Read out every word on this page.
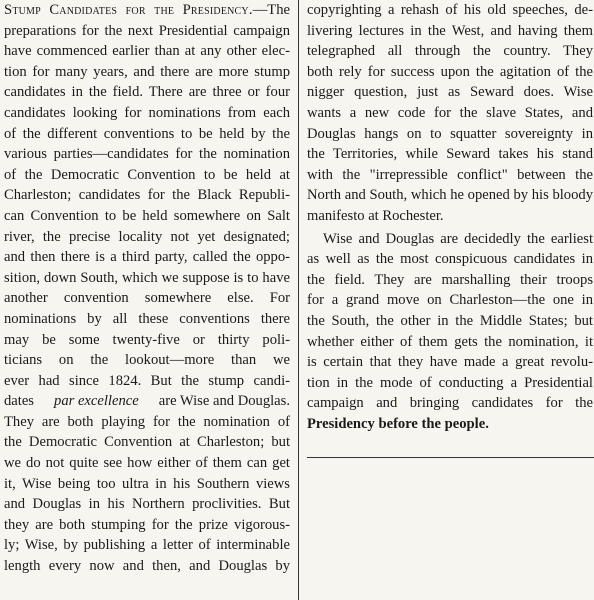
Stump Candidates for the Presidency.—The
preparations for the next Presidential campaign
have commenced earlier than at any other elec-
tion for many years, and there are more stump
candidates in the field. There are three or four
candidates looking for nominations from each
of the different conventions to be held by the
various parties—candidates for the nomination
of the Democratic Convention to be held at
Charleston; candidates for the Black Republi-
can Convention to be held somewhere on Salt
river, the precise locality not yet designated;
and then there is a third party, called the oppo-
sition, down South, which we suppose is to have
another convention somewhere else. For
nominations by all these conventions there
may be some twenty-five or thirty poli-
ticians on the lookout—more than we
ever had since 1824. But the stump candi-
dates par excellence are Wise and Douglas.
They are both playing for the nomination of
the Democratic Convention at Charleston; but
we do not quite see how either of them can get
it, Wise being too ultra in his Southern views
and Douglas in his Northern proclivities. But
they are both stumping for the prize vigorous-
ly; Wise, by publishing a letter of interminable
length every now and then, and Douglas by
copyrighting a rehash of his old speeches, de-
livering lectures in the West, and having them
telegraphed all through the country. They
both rely for success upon the agitation of the
nigger question, just as Seward does. Wise
wants a new code for the slave States, and
Douglas hangs on to squatter sovereignty in
the Territories, while Seward takes his stand
with the "irrepressible conflict" between the
North and South, which he opened by his bloody
manifesto at Rochester.
Wise and Douglas are decidedly the earliest
as well as the most conspicuous candidates in
the field. They are marshalling their troops
for a grand move on Charleston—the one in
the South, the other in the Middle States; but
whether either of them gets the nomination, it
is certain that they have made a great revolu-
tion in the mode of conducting a Presidential
campaign and bringing candidates for the
Presidency before the people.
